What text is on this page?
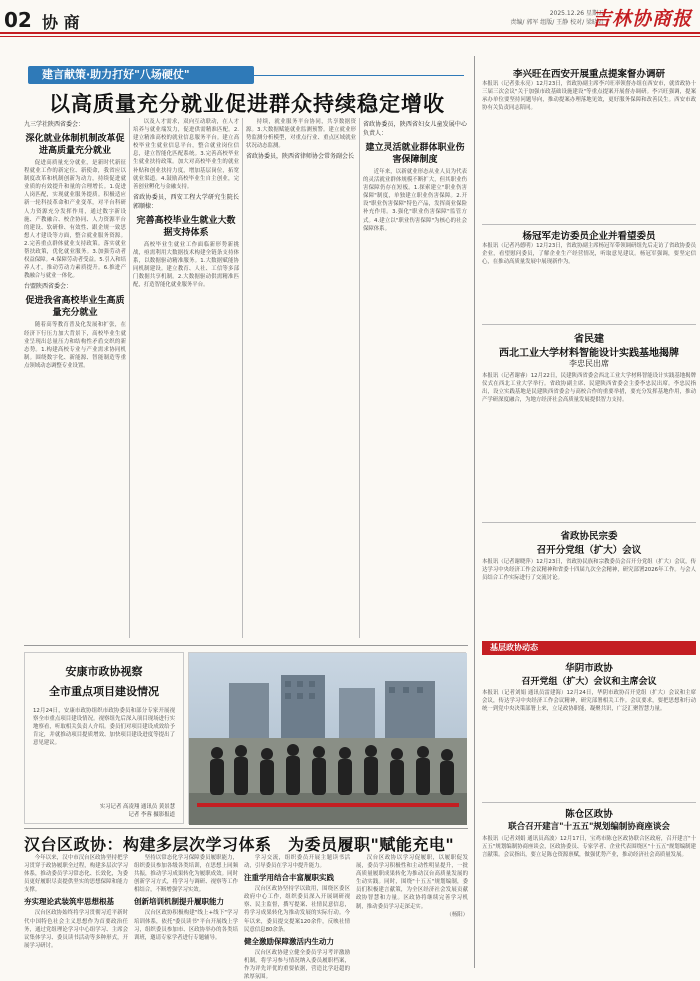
02 协 商	2025.12.26 星期五
责编/ 郭军 组版/ 王静 校对/ 梁晓君
吉林协商报
建言献策·助力打好"八场硬仗"
以高质量充分就业促进群众持续稳定增收
九三学社陕西省委会：
深化就业体制机制改革促进高质量充分就业

促进高质量充分就业，是新时代新征程就业工作的新定位、新使命，我省应以制度改革和机制创新为动力，持续促进就业质的有效提升和量的合理增长。1.促进人岗匹配，实现就业服务提质。积极适应新一轮科技革命和产业变革，对平台科研人力资源充分发挥作用，通过数字新设施、产教融合、校企协同、人力资源平台的建设、软研修、有效性、跟企规一致思想人才建设等方面，整合就业服务资源。2.完善重点群体就业支持政策。落实就业帮扶政策，优化就业服务。3.加强劳动者权益保障。4.保障劳动者受益。5.引入和培养人才，推动劳动力素质提升。6.推进产教融合与就业一体化。

台盟陕西省委会：
促进我省高校毕业生高质量充分就业

随着高等教育普及化发展和扩张，在经济下行压力加大背景下，高校毕业生就业呈现出总量压力和结构性矛盾交织的新态势。1.构建高校专业与产业需求协同机制。围绕数字化、新能源、智能制造等重点领域动态调整专业设置。

以及人才需求，双向互动联动，在人才培养与就业端发力，促进供需精准匹配。2.建立精准高校的就业信息服务平台。建立高校毕业生就业信息平台，整合就业岗位信息，建立智能化匹配系统。3.完善高校毕业生就业扶持政策。加大对高校毕业生的就业补贴和创业扶持力度，增加基层岗位，拓宽就业渠道。4.鼓励高校毕业生自主创业，完善创业孵化与金融支持。

省政协委员，西安工程大学研究生院长郭顺棣：
完善高校毕业生就业大数据支持体系

高校毕业生就业工作面临新形势新挑战，亟需利用大数据技术构建全链条支持体系，以数据驱动精准服务。1.大数据赋能协同机制建设。建立教育、人社、工信等多部门数据共享机制。2.大数据驱动供需精准匹配，打造智能化就业服务平台。

持续，就业服务平台协同，共享数据资源。3.大数据赋能就业监测预警。建立就业形势监测分析模型，对重点行业、重点区域就业状况动态监测。

省政协委员，陕西省律师协会常务副会长
省政协委员，陕西省妇女儿童发展中心负责人：
建立灵活就业群体职业伤害保障制度

近年来，以新就业形态从业人员为代表的灵活就业群体规模不断扩大，但其职业伤害保障仍存在短板。1.探索建立"职业伤害保障"制度，单独建立职业伤害保障。2.开设"职业伤害保障"特色产品，发挥商业保险补充作用。3.强化"职业伤害保障"监管方式。4.建立以"职业伤害保障"为核心的社会保障体系。

李兴旺在西安开展重点提案督办调研
本报讯（记者张永亮）12月23日，省政协副主席李兴旺率领督办组在西安市，就省政协十三届三次会议"关于加强市政基础设施建设"等重点提案开展督办调研。李兴旺强调，提案承办单位要坚持问题导向，推动提案办理落地见效，更好服务保障和改善民生。西安市政协有关负责同志陪同。
杨冠军走访委员企业并看望委员
本报讯（记者冯德明）12月23日，省政协副主席杨冠军带领调研组先后走访了省政协委员企业，看望慰问委员，了解企业生产经营情况，听取意见建议。杨冠军强调，要坚定信心，在推动高质量发展中展现新作为。
省民建
西北工业大学材料智能设计实践基地揭牌
李忠民出席
本报讯（记者谢睿）12月22日，民建陕西省委会西北工业大学材料智能设计实践基地揭牌仪式在西北工业大学举行。省政协副主席、民建陕西省委会主委李忠民出席。李忠民指出，设立实践基地是民建陕西省委会与高校合作的重要举措，要充分发挥基地作用，推动产学研深度融合，为地方经济社会高质量发展提供智力支持。
省政协民宗委
召开分党组（扩大）会议
本报讯（记者谢晓萍）12月23日，省政协民族和宗教委员会召开分党组（扩大）会议，传达学习中央经济工作会议精神和省委十四届九次全会精神，研究部署2026年工作。与会人员结合工作实际进行了交流讨论。
基层政协动态
华阴市政协
召开党组（扩大）会议和主席会议
本报讯（记者刘娟 通讯员雷建海）12月24日，华阴市政协召开党组（扩大）会议和主席会议，传达学习中央经济工作会议精神，研究部署相关工作。会议要求，要把思想和行动统一到党中央决策部署上来，立足政协职能，凝聚共识，广泛汇聚智慧力量。
陈仓区政协
联合召开建言"十五五"规划编制协商座谈会
本报讯（记者刘娟 通讯员高波）12月17日，宝鸡市陈仓区政协联合区政府，召开建言"十五五"规划编制协商座谈会，区政协委员、专家学者、企业代表围绕区"十五五"规划编制建言献策。会议指出，要立足陈仓资源禀赋，做强优势产业，推动经济社会高质量发展。
安康市政协视察
全市重点项目建设情况
12月24日，安康市政协组织市政协委员和部分专家开展视察全市重点项目建设情况。视察组先后深入项目现场进行实地察看，听取相关负责人介绍。委员们对项目建设成效给予肯定，并就推动项目提质增效、加快项目建设进度等提出了意见建议。
实习记者 高凌翔 通讯员 黄景慧
记者 李蓉 摄影报道
汉台区政协：构建多层次学习体系　为委员履职"赋能充电"

今年以来，汉中市汉台区政协坚持把学习贯穿于政协履职全过程，构建多层次学习体系，推动委员学习常态化、长效化，为委员更好履职尽责提供坚实的思想保障和能力支撑。

夯实理论武装筑牢思想根基

汉台区政协始终将学习贯彻习近平新时代中国特色社会主义思想作为首要政治任务，通过党组理论学习中心组学习、主席会议集体学习、委员读书活动等多种形式，开展学习研讨。

坚持以常态化学习保障委员履职能力，组织委员参加各级各类培训，在思想上同频共振，推动学习成果转化为履职成效。同时创新学习方式，将学习与调研、视察等工作相结合，不断增强学习实效。

创新培训机制提升履职能力

汉台区政协积极构建"线上+线下"学习培训体系，依托"委员读书"平台开展线上学习，组织委员参加市、区政协举办的各类培训班，邀请专家学者进行专题辅导。

学习交流，组织委员开展主题读书活动，引导委员在学习中提升能力。

注重学用结合丰富履职实践

汉台区政协坚持学以致用，围绕区委区政府中心工作，组织委员深入开展调研视察、民主监督，撰写提案、社情民意信息，将学习成果转化为推动发展的实际行动。今年以来，委员提交提案120余件，反映社情民意信息80余条。

健全激励保障激活内生动力

汉台区政协建立健全委员学习考评激励机制，将学习参与情况纳入委员履职档案，作为评先评优的重要依据，营造比学赶超的浓厚氛围。

汉台区政协以学习促履职，以履职促发展，委员学习积极性和主动性明显提升，一批高质量履职成果转化为推动汉台高质量发展的生动实践。同时，围绕"十五五"规划编制，委员们积极建言献策，为全区经济社会发展贡献政协智慧和力量。区政协将继续完善学习机制，推动委员学习走深走实。

（杨阳）
